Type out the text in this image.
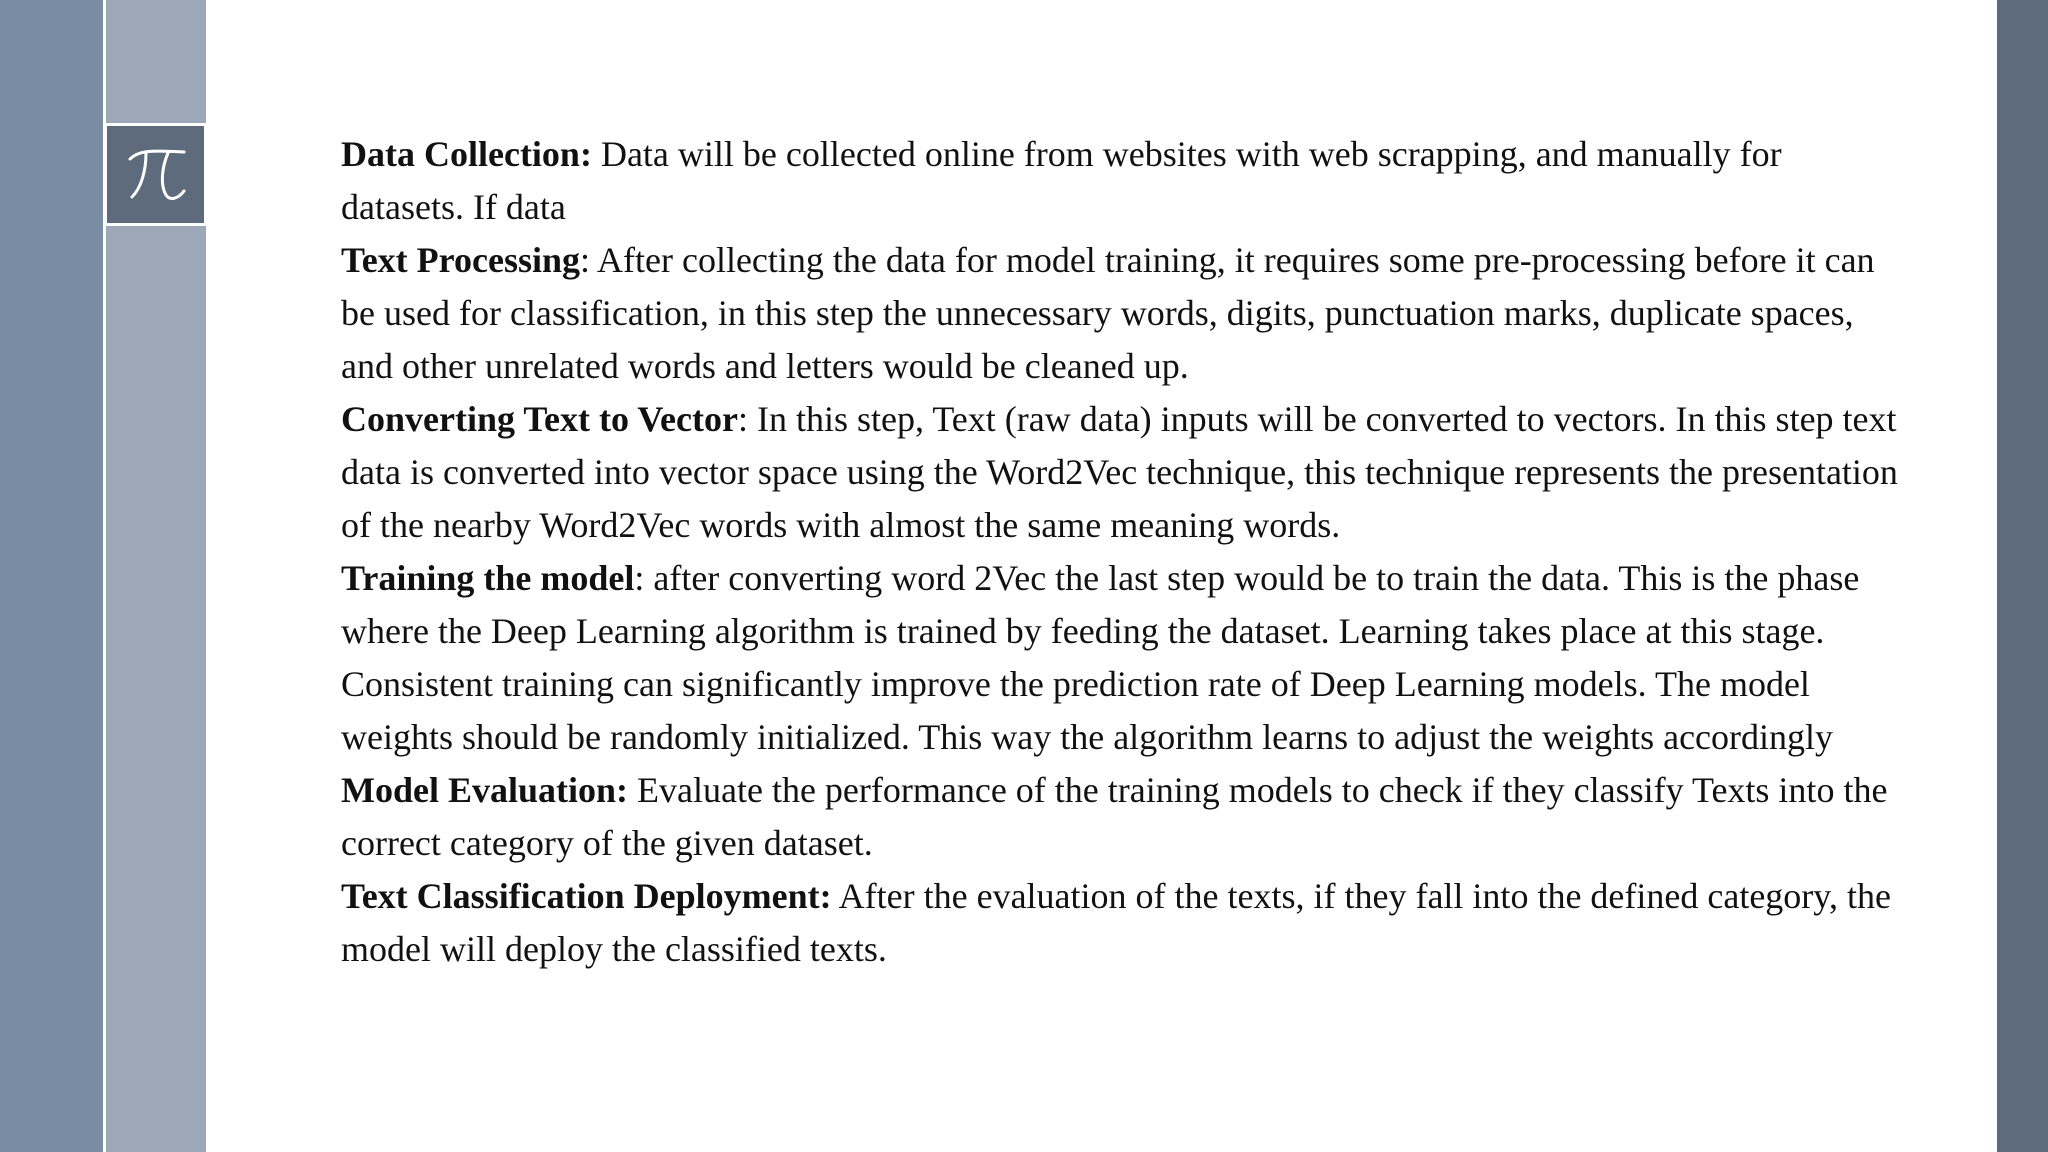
Data Collection: Data will be collected online from websites with web scrapping, and manually for datasets. If data

Text Processing: After collecting the data for model training, it requires some pre-processing before it can be used for classification, in this step the unnecessary words, digits, punctuation marks, duplicate spaces, and other unrelated words and letters would be cleaned up.

Converting Text to Vector: In this step, Text (raw data) inputs will be converted to vectors. In this step text data is converted into vector space using the Word2Vec technique, this technique represents the presentation of the nearby Word2Vec words with almost the same meaning words.

Training the model: after converting word 2Vec the last step would be to train the data. This is the phase where the Deep Learning algorithm is trained by feeding the dataset. Learning takes place at this stage. Consistent training can significantly improve the prediction rate of Deep Learning models. The model weights should be randomly initialized. This way the algorithm learns to adjust the weights accordingly

Model Evaluation: Evaluate the performance of the training models to check if they classify Texts into the correct category of the given dataset.

Text Classification Deployment: After the evaluation of the texts, if they fall into the defined category, the model will deploy the classified texts.
